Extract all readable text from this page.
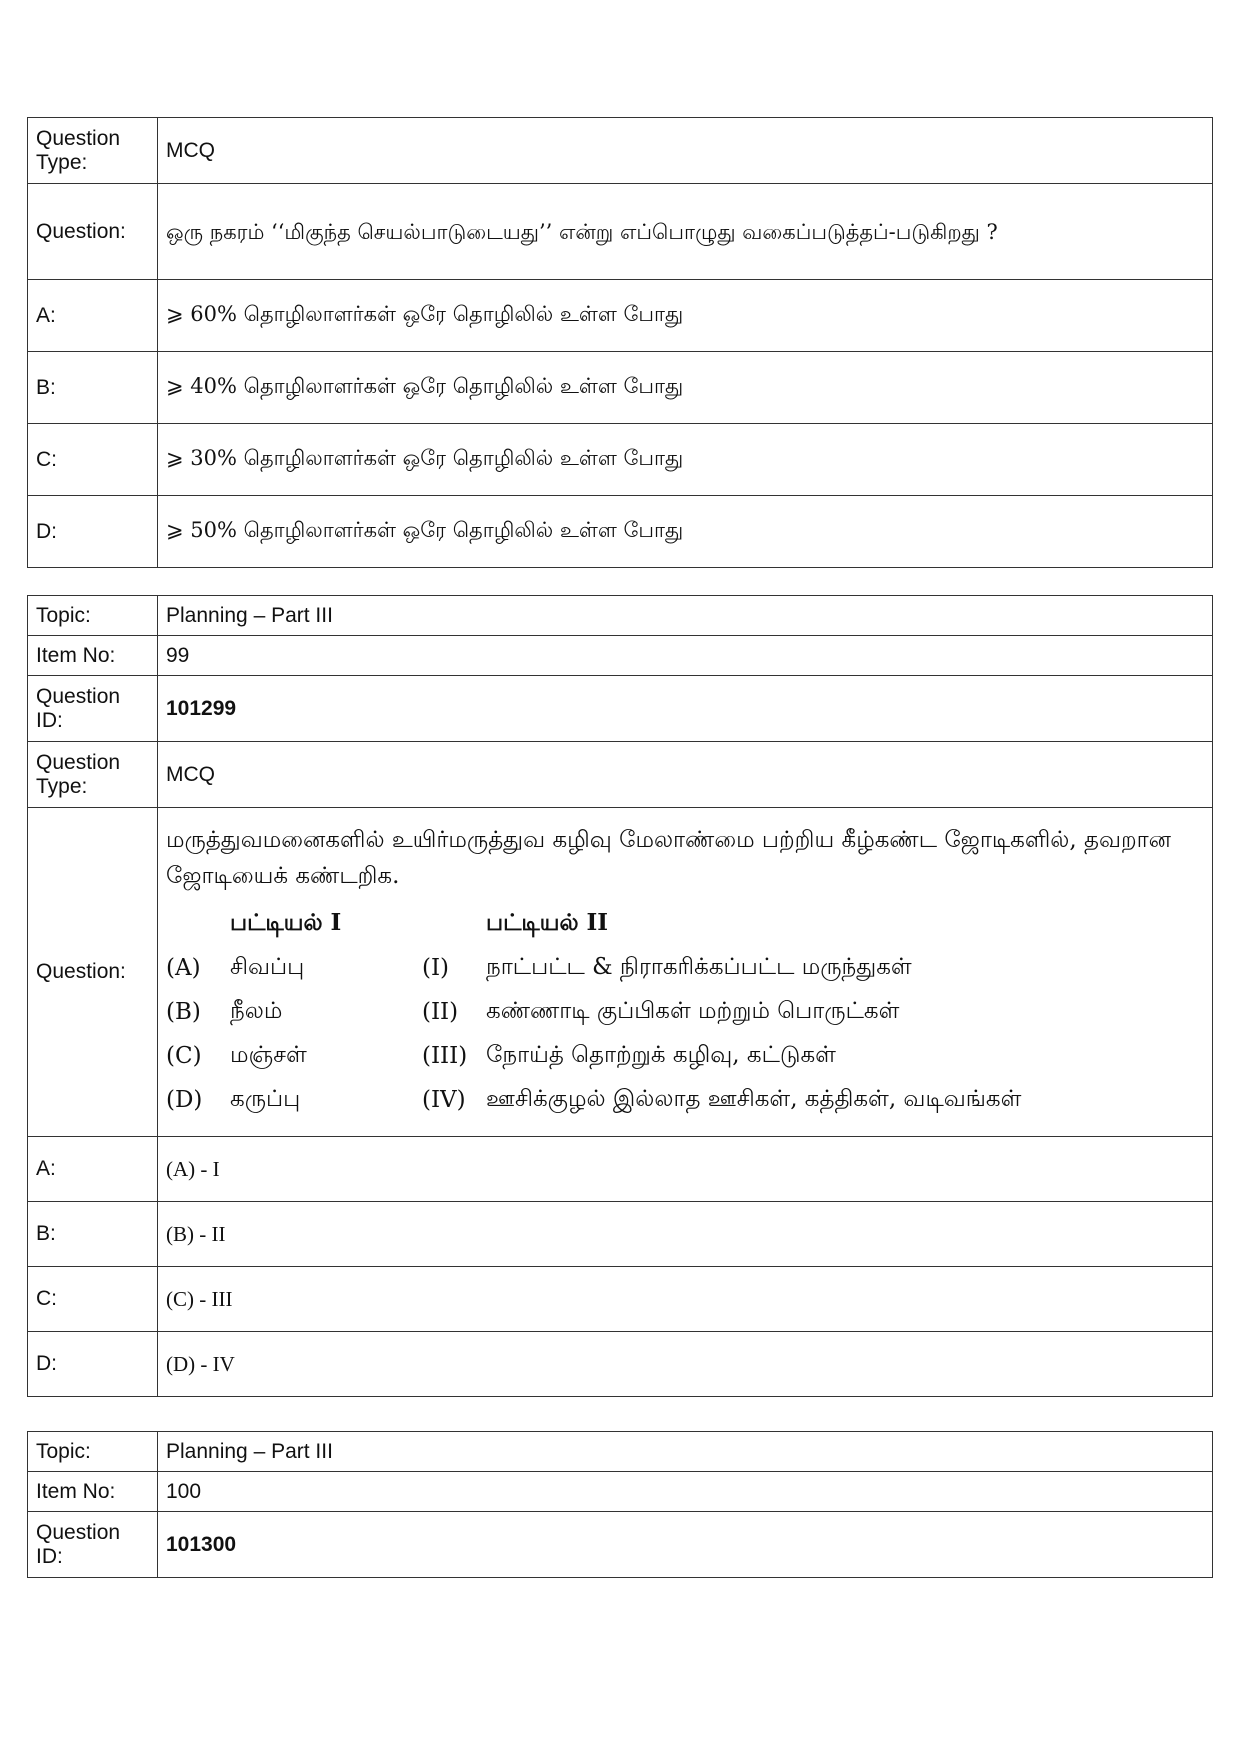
Question
Type:	MCQ
Question:	ஒரு நகரம் ‘‘மிகுந்த செயல்பாடுடையது’’ என்று எப்பொழுது வகைப்படுத்தப்-படுகிறது ?
A:	⩾ 60% தொழிலாளர்கள் ஒரே தொழிலில் உள்ள போது
B:	⩾ 40% தொழிலாளர்கள் ஒரே தொழிலில் உள்ள போது
C:	⩾ 30% தொழிலாளர்கள் ஒரே தொழிலில் உள்ள போது
D:	⩾ 50% தொழிலாளர்கள் ஒரே தொழிலில் உள்ள போது
Topic:	Planning – Part III
Item No:	99
Question
ID:	101299
Question
Type:	MCQ
Question:	
மருத்துவமனைகளில் உயிர்மருத்துவ கழிவு மேலாண்மை பற்றிய கீழ்கண்ட ஜோடிகளில், தவறான ஜோடியைக் கண்டறிக.
	பட்டியல் I		பட்டியல் II
(A)	சிவப்பு	(I)	நாட்பட்ட & நிராகரிக்கப்பட்ட மருந்துகள்
(B)	நீலம்	(II)	கண்ணாடி குப்பிகள் மற்றும் பொருட்கள்
(C)	மஞ்சள்	(III)	நோய்த் தொற்றுக் கழிவு, கட்டுகள்
(D)	கருப்பு	(IV)	ஊசிக்குழல் இல்லாத ஊசிகள், கத்திகள், வடிவங்கள்

A:	(A) - I
B:	(B) - II
C:	(C) - III
D:	(D) - IV
Topic:	Planning – Part III
Item No:	100
Question
ID:	101300
